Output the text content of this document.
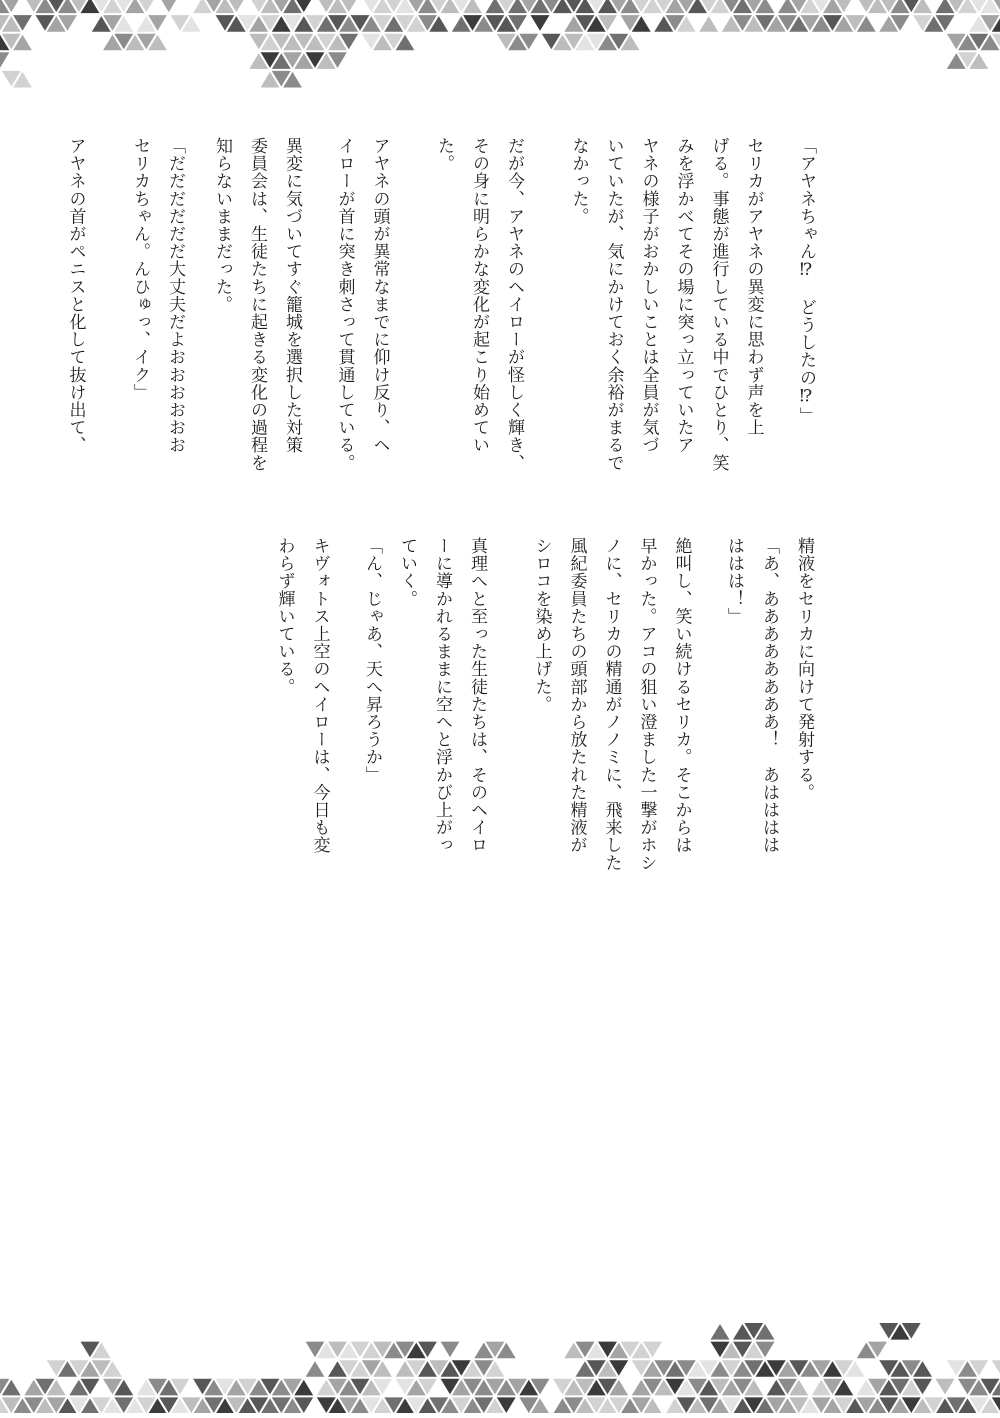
「アヤネちゃん⁉　どうしたの⁉」
セリカがアヤネの異変に思わず声を上
げる。事態が進行している中でひとり、笑
みを浮かべてその場に突っ立っていたア
ヤネの様子がおかしいことは全員が気づ
いていたが、気にかけておく余裕がまるで
なかった。
だが今、アヤネのヘイローが怪しく輝き、
その身に明らかな変化が起こり始めてい
た。
アヤネの頭が異常なまでに仰け反り、ヘ
イローが首に突き刺さって貫通している。
異変に気づいてすぐ籠城を選択した対策
委員会は、生徒たちに起きる変化の過程を
知らないままだった。
「だだだだだだ大丈夫だよおおおおおお
セリカちゃん。んひゅっ、イク」
アヤネの首がペニスと化して抜け出て、
精液をセリカに向けて発射する。
「あ、ああああああああ！　あはははは
ははは！」
絶叫し、笑い続けるセリカ。そこからは
早かった。アコの狙い澄ました一撃がホシ
ノに、セリカの精通がノノミに、飛来した
風紀委員たちの頭部から放たれた精液が
シロコを染め上げた。
真理へと至った生徒たちは、そのヘイロ
ーに導かれるままに空へと浮かび上がっ
ていく。
「ん、じゃあ、天へ昇ろうか」
キヴォトス上空のヘイローは、今日も変
わらず輝いている。
